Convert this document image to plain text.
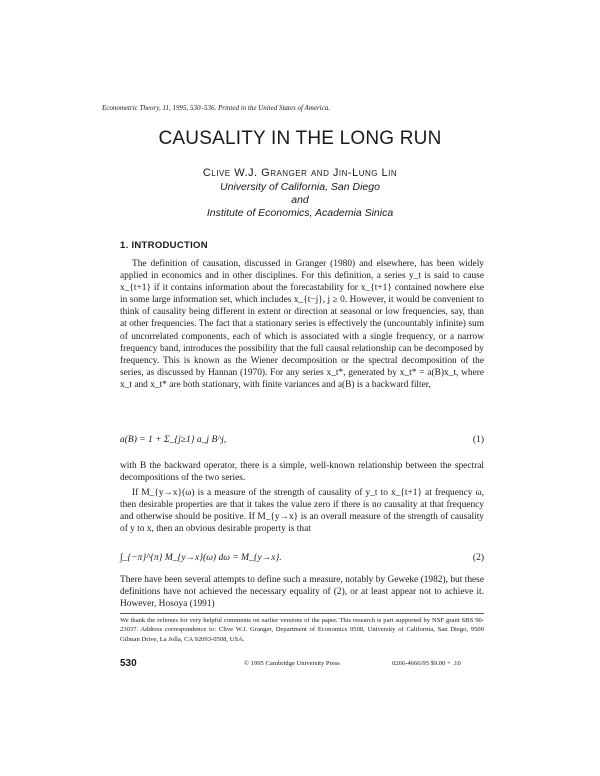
Econometric Theory, 11, 1995, 530–536. Printed in the United States of America.
CAUSALITY IN THE LONG RUN
Clive W.J. Granger and Jin-Lung Lin
University of California, San Diego
and
Institute of Economics, Academia Sinica
1. INTRODUCTION
The definition of causation, discussed in Granger (1980) and elsewhere, has been widely applied in economics and in other disciplines. For this definition, a series y_t is said to cause x_{t+1} if it contains information about the forecastability for x_{t+1} contained nowhere else in some large information set, which includes x_{t−j}, j ≥ 0. However, it would be convenient to think of causality being different in extent or direction at seasonal or low frequencies, say, than at other frequencies. The fact that a stationary series is effectively the (uncountably infinite) sum of uncorrelated components, each of which is associated with a single frequency, or a narrow frequency band, introduces the possibility that the full causal relationship can be decomposed by frequency. This is known as the Wiener decomposition or the spectral decomposition of the series, as discussed by Hannan (1970). For any series x_t*, generated by x_t* = a(B)x_t, where x_t and x_t* are both stationary, with finite variances and a(B) is a backward filter,
a(B) = 1 + Σ_{j≥1} a_j B^j,	(1)
with B the backward operator, there is a simple, well-known relationship between the spectral decompositions of the two series.
If M_{y→x}(ω) is a measure of the strength of causality of y_t to x_{t+1} at frequency ω, then desirable properties are that it takes the value zero if there is no causality at that frequency and otherwise should be positive. If M_{y→x} is an overall measure of the strength of causality of y to x, then an obvious desirable property is that
∫_{−π}^{π} M_{y→x}(ω) dω = M_{y→x}.	(2)
There have been several attempts to define such a measure, notably by Geweke (1982), but these definitions have not achieved the necessary equality of (2), or at least appear not to achieve it. However, Hosoya (1991)
We thank the referees for very helpful comments on earlier versions of the paper. This research is part supported by NSF grant SBS 90-23037. Address correspondence to: Clive W.J. Granger, Department of Economics 0508, University of California, San Diego, 9500 Gilman Drive, La Jolla, CA 92093-0508, USA.
530	© 1995 Cambridge University Press	0266-4666/95 $9.00 + .10
